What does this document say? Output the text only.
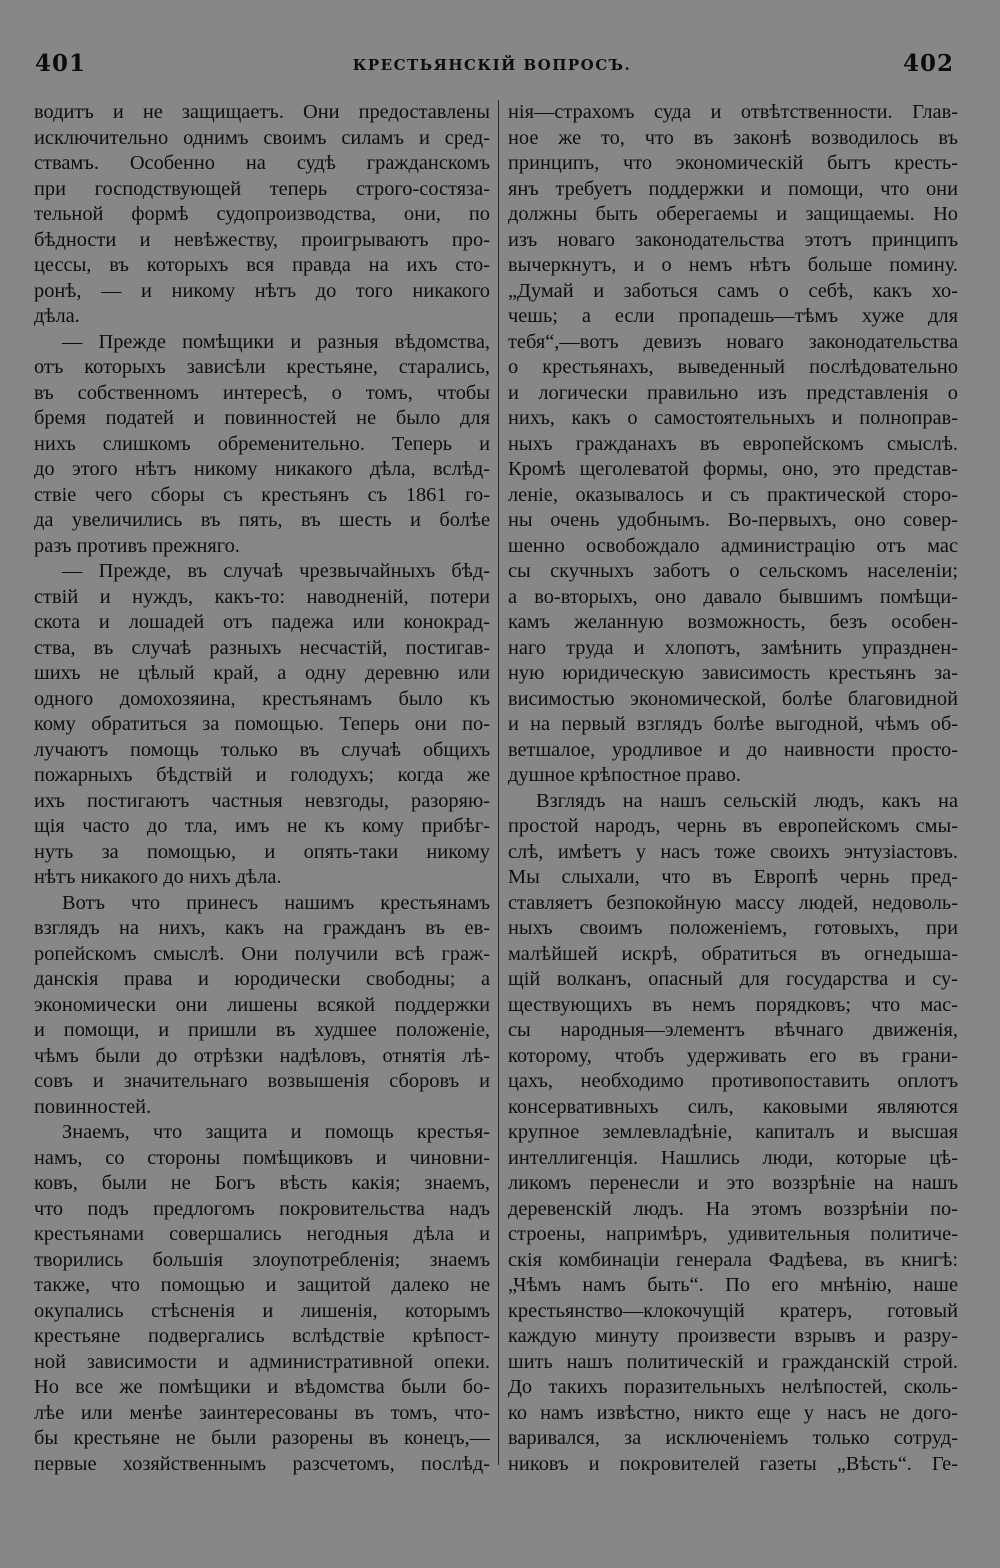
401	КРЕСТЬЯНСКІЙ ВОПРОСЪ.	402
водитъ и не защищаетъ. Они предоставлены
исключительно однимъ своимъ силамъ и сред-
ствамъ. Особенно на судѣ гражданскомъ
при господствующей теперь строго-состяза-
тельной формѣ судопроизводства, они, по
бѣдности и невѣжеству, проигрываютъ про-
цессы, въ которыхъ вся правда на ихъ сто-
ронѣ, — и никому нѣтъ до того никакого
дѣла.
— Прежде помѣщики и разныя вѣдомства,
отъ которыхъ зависѣли крестьяне, старались,
въ собственномъ интересѣ, о томъ, чтобы
бремя податей и повинностей не было для
нихъ слишкомъ обременительно. Теперь и
до этого нѣтъ никому никакого дѣла, вслѣд-
ствіе чего сборы съ крестьянъ съ 1861 го-
да увеличились въ пять, въ шесть и болѣе
разъ противъ прежняго.
— Прежде, въ случаѣ чрезвычайныхъ бѣд-
ствій и нуждъ, какъ-то: наводненій, потери
скота и лошадей отъ падежа или конокрад-
ства, въ случаѣ разныхъ несчастій, постигав-
шихъ не цѣлый край, а одну деревню или
одного домохозяина, крестьянамъ было къ
кому обратиться за помощью. Теперь они по-
лучаютъ помощь только въ случаѣ общихъ
пожарныхъ бѣдствій и голодухъ; когда же
ихъ постигаютъ частныя невзгоды, разоряю-
щія часто до тла, имъ не къ кому прибѣг-
нуть за помощью, и опять-таки никому
нѣтъ никакого до нихъ дѣла.
Вотъ что принесъ нашимъ крестьянамъ
взглядъ на нихъ, какъ на гражданъ въ ев-
ропейскомъ смыслѣ. Они получили всѣ граж-
данскія права и юродически свободны; а
экономически они лишены всякой поддержки
и помощи, и пришли въ худшее положеніе,
чѣмъ были до отрѣзки надѣловъ, отнятія лѣ-
совъ и значительнаго возвышенія сборовъ и
повинностей.
Знаемъ, что защита и помощь крестья-
намъ, со стороны помѣщиковъ и чиновни-
ковъ, были не Богъ вѣсть какія; знаемъ,
что подъ предлогомъ покровительства надъ
крестьянами совершались негодныя дѣла и
творились большія злоупотребленія; знаемъ
также, что помощью и защитой далеко не
окупались стѣсненія и лишенія, которымъ
крестьяне подвергались вслѣдствіе крѣпост-
ной зависимости и административной опеки.
Но все же помѣщики и вѣдомства были бо-
лѣе или менѣе заинтересованы въ томъ, что-
бы крестьяне не были разорены въ конецъ,—
первые хозяйственнымъ разсчетомъ, послѣд-
нія—страхомъ суда и отвѣтственности. Глав-
ное же то, что въ законѣ возводилось въ
принципъ, что экономическій бытъ кресть-
янъ требуетъ поддержки и помощи, что они
должны быть оберегаемы и защищаемы. Но
изъ новаго законодательства этотъ принципъ
вычеркнутъ, и о немъ нѣтъ больше помину.
„Думай и заботься самъ о себѣ, какъ хо-
чешь; а если пропадешь—тѣмъ хуже для
тебя“,—вотъ девизъ новаго законодательства
о крестьянахъ, выведенный послѣдовательно
и логически правильно изъ представленія о
нихъ, какъ о самостоятельныхъ и полноправ-
ныхъ гражданахъ въ европейскомъ смыслѣ.
Кромѣ щеголеватой формы, оно, это представ-
леніе, оказывалось и съ практической сторо-
ны очень удобнымъ. Во-первыхъ, оно совер-
шенно освобождало администрацію отъ мас
сы скучныхъ заботъ о сельскомъ населеніи;
а во-вторыхъ, оно давало бывшимъ помѣщи-
камъ желанную возможность, безъ особен-
наго труда и хлопотъ, замѣнить упразднен-
ную юридическую зависимость крестьянъ за-
висимостью экономической, болѣе благовидной
и на первый взглядъ болѣе выгодной, чѣмъ об-
ветшалое, уродливое и до наивности просто-
душное крѣпостное право.
Взглядъ на нашъ сельскій людъ, какъ на
простой народъ, чернь въ европейскомъ смы-
слѣ, имѣетъ у насъ тоже своихъ энтузіастовъ.
Мы слыхали, что въ Европѣ чернь пред-
ставляетъ безпокойную массу людей, недоволь-
ныхъ своимъ положеніемъ, готовыхъ, при
малѣйшей искрѣ, обратиться въ огнедыша-
щій волканъ, опасный для государства и су-
ществующихъ въ немъ порядковъ; что мас-
сы народныя—элементъ вѣчнаго движенія,
которому, чтобъ удерживать его въ грани-
цахъ, необходимо противопоставить оплотъ
консервативныхъ силъ, каковыми являются
крупное землевладѣніе, капиталъ и высшая
интеллигенція. Нашлись люди, которые цѣ-
ликомъ перенесли и это воззрѣніе на нашъ
деревенскій людъ. На этомъ воззрѣніи по-
строены, напримѣръ, удивительныя политиче-
скія комбинаціи генерала Фадѣева, въ книгѣ:
„Чѣмъ намъ быть“. По его мнѣнію, наше
крестьянство—клокочущій кратеръ, готовый
каждую минуту произвести взрывъ и разру-
шить нашъ политическій и гражданскій строй.
До такихъ поразительныхъ нелѣпостей, сколь-
ко намъ извѣстно, никто еще у насъ не дого-
варивался, за исключеніемъ только сотруд-
никовъ и покровителей газеты „Вѣсть“. Ге-
